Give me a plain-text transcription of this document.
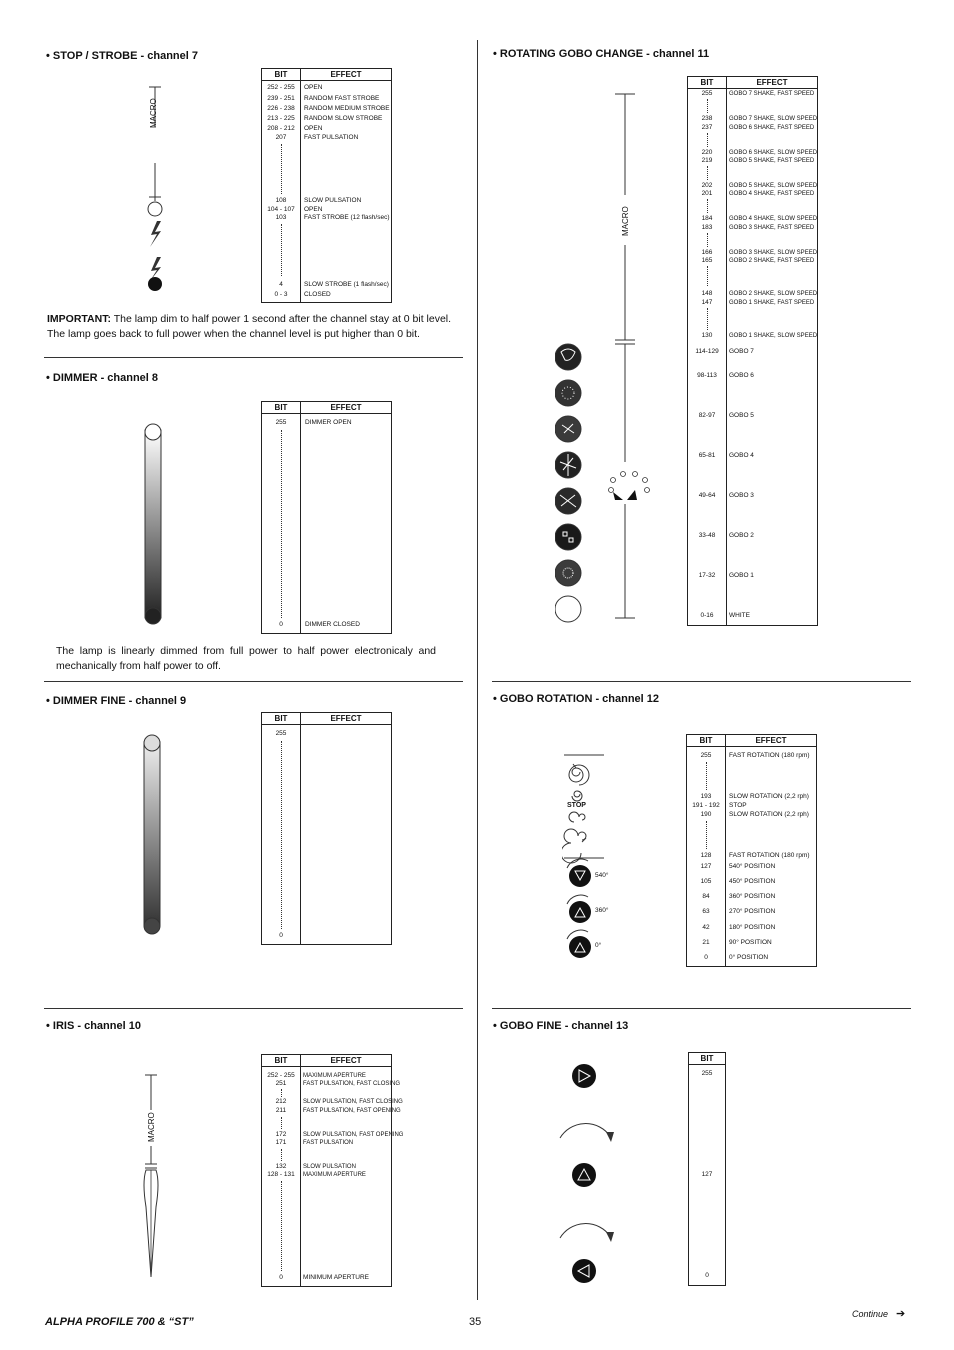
• STOP / STROBE - channel 7
MACRO
BIT	EFFECT
252 - 255	OPEN
239 - 251	RANDOM FAST STROBE
226 - 238	RANDOM MEDIUM STROBE
213 - 225	RANDOM SLOW STROBE
208 - 212	OPEN
207	FAST PULSATION
108	SLOW PULSATION
104 - 107	OPEN
103	FAST STROBE (12 flash/sec)
4	SLOW STROBE (1 flash/sec)
0 - 3	CLOSED
IMPORTANT: The lamp dim to half power 1 second after the channel stay at 0 bit level.
The lamp goes back to full power when the channel level is put higher than 0 bit.
• DIMMER - channel 8
BIT	EFFECT
255	DIMMER OPEN
0	DIMMER CLOSED
The lamp is linearly dimmed from full power to half power electronicaly and
mechanically from half power to off.
• DIMMER FINE - channel 9
BIT	EFFECT
255
0
• IRIS - channel 10
MACRO
BIT	EFFECT
252 - 255	MAXIMUM APERTURE
251	FAST PULSATION, FAST CLOSING
212	SLOW PULSATION, FAST CLOSING
211	FAST PULSATION, FAST OPENING
172	SLOW PULSATION, FAST OPENING
171	FAST PULSATION
132	SLOW PULSATION
128 - 131	MAXIMUM APERTURE
0	MINIMUM APERTURE
• ROTATING GOBO CHANGE - channel 11
MACRO
BIT	EFFECT
255	GOBO 7 SHAKE, FAST SPEED
238	GOBO 7 SHAKE, SLOW SPEED
237	GOBO 6 SHAKE, FAST SPEED
220	GOBO 6 SHAKE, SLOW SPEED
219	GOBO 5 SHAKE, FAST SPEED
202	GOBO 5 SHAKE, SLOW SPEED
201	GOBO 4 SHAKE, FAST SPEED
184	GOBO 4 SHAKE, SLOW SPEED
183	GOBO 3 SHAKE, FAST SPEED
166	GOBO 3 SHAKE, SLOW SPEED
165	GOBO 2 SHAKE, FAST SPEED
148	GOBO 2 SHAKE, SLOW SPEED
147	GOBO 1 SHAKE, FAST SPEED
130	GOBO 1 SHAKE, SLOW SPEED
114-129	GOBO 7
98-113	GOBO 6
82-97	GOBO 5
65-81	GOBO 4
49-64	GOBO 3
33-48	GOBO 2
17-32	GOBO 1
0-16	WHITE
• GOBO ROTATION - channel 12
STOP
540°
360°
0°
BIT	EFFECT
255	FAST ROTATION (180 rpm)
193	SLOW ROTATION (2,2 rph)
191 - 192	STOP
190	SLOW ROTATION (2,2 rph)
128	FAST ROTATION (180 rpm)
127	540° POSITION
105	450° POSITION
84	360° POSITION
63	270° POSITION
42	180° POSITION
21	90° POSITION
0	0° POSITION
• GOBO FINE - channel 13
BIT
255
127
0
ALPHA PROFILE 700 & “ST”	35
Continue ➔
